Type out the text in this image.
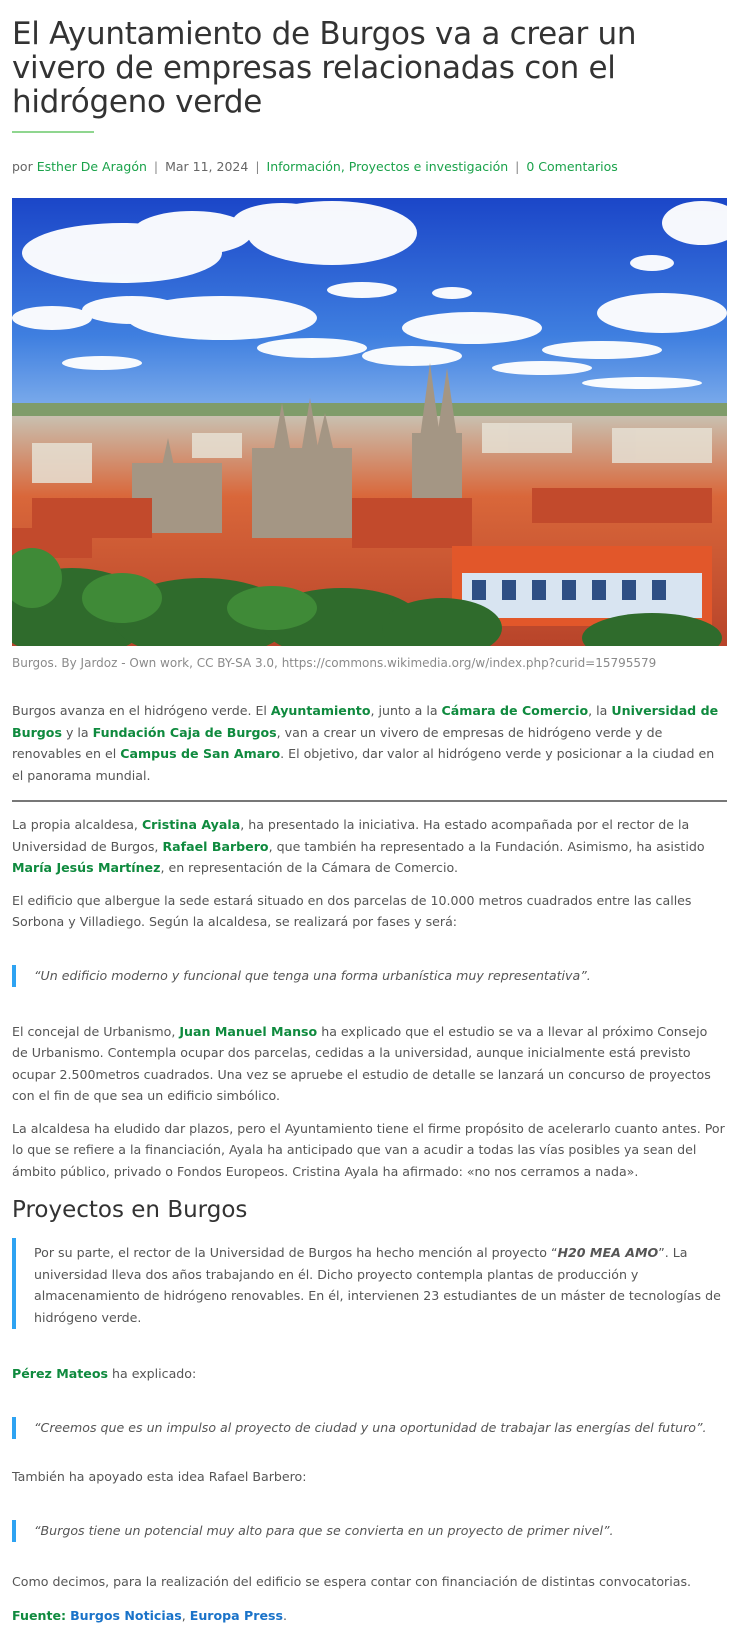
El Ayuntamiento de Burgos va a crear un vivero de empresas relacionadas con el hidrógeno verde
por Esther De Aragón | Mar 11, 2024 | Información, Proyectos e investigación | 0 Comentarios
Burgos. By Jardoz - Own work, CC BY-SA 3.0, https://commons.wikimedia.org/w/index.php?curid=15795579

Burgos avanza en el hidrógeno verde. El Ayuntamiento, junto a la Cámara de Comercio, la Universidad de Burgos y la Fundación Caja de Burgos, van a crear un vivero de empresas de hidrógeno verde y de renovables en el Campus de San Amaro. El objetivo, dar valor al hidrógeno verde y posicionar a la ciudad en el panorama mundial.

La propia alcaldesa, Cristina Ayala, ha presentado la iniciativa. Ha estado acompañada por el rector de la Universidad de Burgos, Rafael Barbero, que también ha representado a la Fundación. Asimismo, ha asistido María Jesús Martínez, en representación de la Cámara de Comercio.

El edificio que albergue la sede estará situado en dos parcelas de 10.000 metros cuadrados entre las calles Sorbona y Villadiego. Según la alcaldesa, se realizará por fases y será:

“Un edificio moderno y funcional que tenga una forma urbanística muy representativa”.

El concejal de Urbanismo, Juan Manuel Manso ha explicado que el estudio se va a llevar al próximo Consejo de Urbanismo. Contempla ocupar dos parcelas, cedidas a la universidad, aunque inicialmente está previsto ocupar 2.500metros cuadrados. Una vez se apruebe el estudio de detalle se lanzará un concurso de proyectos con el fin de que sea un edificio simbólico.

La alcaldesa ha eludido dar plazos, pero el Ayuntamiento tiene el firme propósito de acelerarlo cuanto antes. Por lo que se refiere a la financiación, Ayala ha anticipado que van a acudir a todas las vías posibles ya sean del ámbito público, privado o Fondos Europeos. Cristina Ayala ha afirmado: «no nos cerramos a nada».

Proyectos en Burgos

Por su parte, el rector de la Universidad de Burgos ha hecho mención al proyecto “H20 MEA AMO”. La universidad lleva dos años trabajando en él. Dicho proyecto contempla plantas de producción y almacenamiento de hidrógeno renovables. En él, intervienen 23 estudiantes de un máster de tecnologías de hidrógeno verde.

Pérez Mateos ha explicado:

“Creemos que es un impulso al proyecto de ciudad y una oportunidad de trabajar las energías del futuro”.

También ha apoyado esta idea Rafael Barbero:

“Burgos tiene un potencial muy alto para que se convierta en un proyecto de primer nivel”.

Como decimos, para la realización del edificio se espera contar con financiación de distintas convocatorias.

Fuente: Burgos Noticias, Europa Press.
